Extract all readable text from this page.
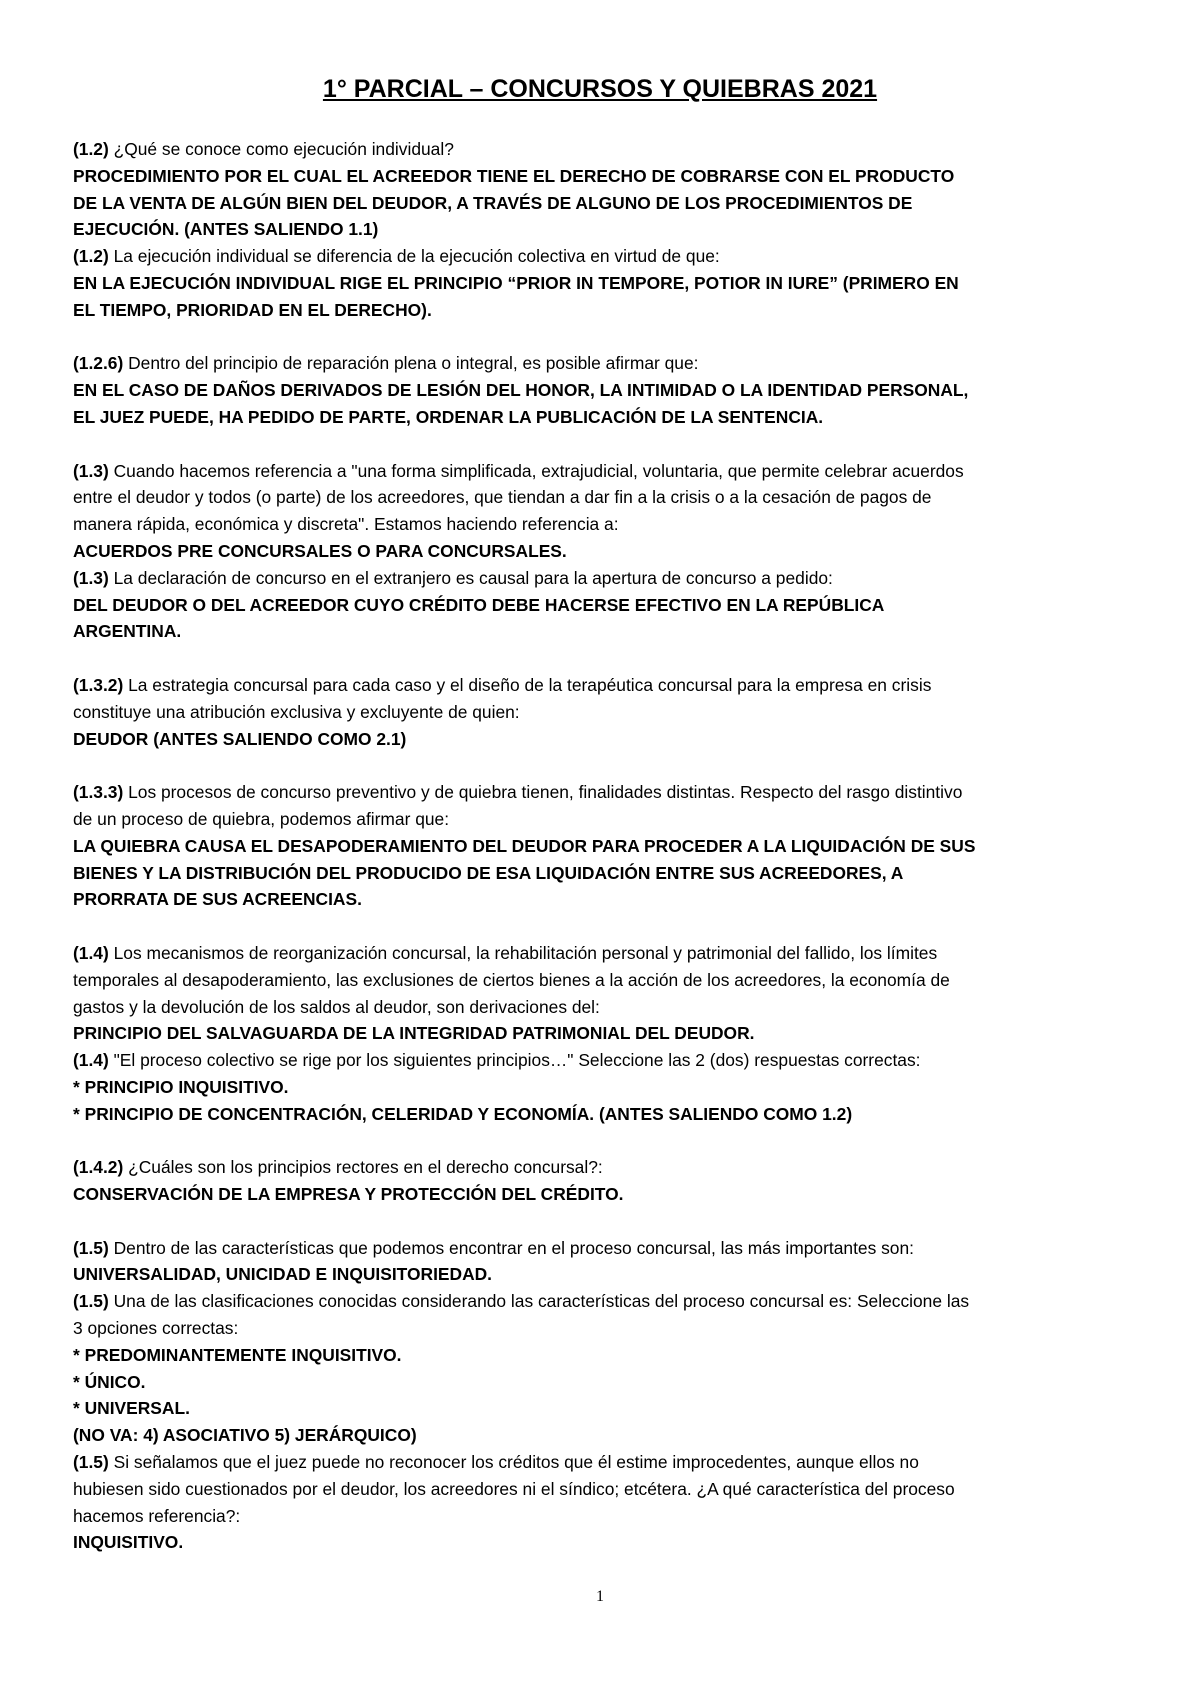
1° PARCIAL – CONCURSOS Y QUIEBRAS 2021

(1.2) ¿Qué se conoce como ejecución individual?

PROCEDIMIENTO POR EL CUAL EL ACREEDOR TIENE EL DERECHO DE COBRARSE CON EL PRODUCTO

DE LA VENTA DE ALGÚN BIEN DEL DEUDOR, A TRAVÉS DE ALGUNO DE LOS PROCEDIMIENTOS DE

EJECUCIÓN. (ANTES SALIENDO 1.1)

(1.2) La ejecución individual se diferencia de la ejecución colectiva en virtud de que:

EN LA EJECUCIÓN INDIVIDUAL RIGE EL PRINCIPIO “PRIOR IN TEMPORE, POTIOR IN IURE” (PRIMERO EN

EL TIEMPO, PRIORIDAD EN EL DERECHO).

(1.2.6) Dentro del principio de reparación plena o integral, es posible afirmar que:

EN EL CASO DE DAÑOS DERIVADOS DE LESIÓN DEL HONOR, LA INTIMIDAD O LA IDENTIDAD PERSONAL,

EL JUEZ PUEDE, HA PEDIDO DE PARTE, ORDENAR LA PUBLICACIÓN DE LA SENTENCIA.

(1.3) Cuando hacemos referencia a "una forma simplificada, extrajudicial, voluntaria, que permite celebrar acuerdos

entre el deudor y todos (o parte) de los acreedores, que tiendan a dar fin a la crisis o a la cesación de pagos de

manera rápida, económica y discreta". Estamos haciendo referencia a:

ACUERDOS PRE CONCURSALES O PARA CONCURSALES.

(1.3) La declaración de concurso en el extranjero es causal para la apertura de concurso a pedido:

DEL DEUDOR O DEL ACREEDOR CUYO CRÉDITO DEBE HACERSE EFECTIVO EN LA REPÚBLICA

ARGENTINA.

(1.3.2) La estrategia concursal para cada caso y el diseño de la terapéutica concursal para la empresa en crisis

constituye una atribución exclusiva y excluyente de quien:

DEUDOR (ANTES SALIENDO COMO 2.1)

(1.3.3) Los procesos de concurso preventivo y de quiebra tienen, finalidades distintas. Respecto del rasgo distintivo

de un proceso de quiebra, podemos afirmar que:

LA QUIEBRA CAUSA EL DESAPODERAMIENTO DEL DEUDOR PARA PROCEDER A LA LIQUIDACIÓN DE SUS

BIENES Y LA DISTRIBUCIÓN DEL PRODUCIDO DE ESA LIQUIDACIÓN ENTRE SUS ACREEDORES, A

PRORRATA DE SUS ACREENCIAS.

(1.4) Los mecanismos de reorganización concursal, la rehabilitación personal y patrimonial del fallido, los límites

temporales al desapoderamiento, las exclusiones de ciertos bienes a la acción de los acreedores, la economía de

gastos y la devolución de los saldos al deudor, son derivaciones del:

PRINCIPIO DEL SALVAGUARDA DE LA INTEGRIDAD PATRIMONIAL DEL DEUDOR.

(1.4) "El proceso colectivo se rige por los siguientes principios…" Seleccione las 2 (dos) respuestas correctas:

* PRINCIPIO INQUISITIVO.

* PRINCIPIO DE CONCENTRACIÓN, CELERIDAD Y ECONOMÍA. (ANTES SALIENDO COMO 1.2)

(1.4.2) ¿Cuáles son los principios rectores en el derecho concursal?:

CONSERVACIÓN DE LA EMPRESA Y PROTECCIÓN DEL CRÉDITO.

(1.5) Dentro de las características que podemos encontrar en el proceso concursal, las más importantes son:

UNIVERSALIDAD, UNICIDAD E INQUISITORIEDAD.

(1.5) Una de las clasificaciones conocidas considerando las características del proceso concursal es: Seleccione las

3 opciones correctas:

* PREDOMINANTEMENTE INQUISITIVO.

* ÚNICO.

* UNIVERSAL.

(NO VA: 4) ASOCIATIVO 5) JERÁRQUICO)

(1.5) Si señalamos que el juez puede no reconocer los créditos que él estime improcedentes, aunque ellos no

hubiesen sido cuestionados por el deudor, los acreedores ni el síndico; etcétera. ¿A qué característica del proceso

hacemos referencia?:

INQUISITIVO.

1
